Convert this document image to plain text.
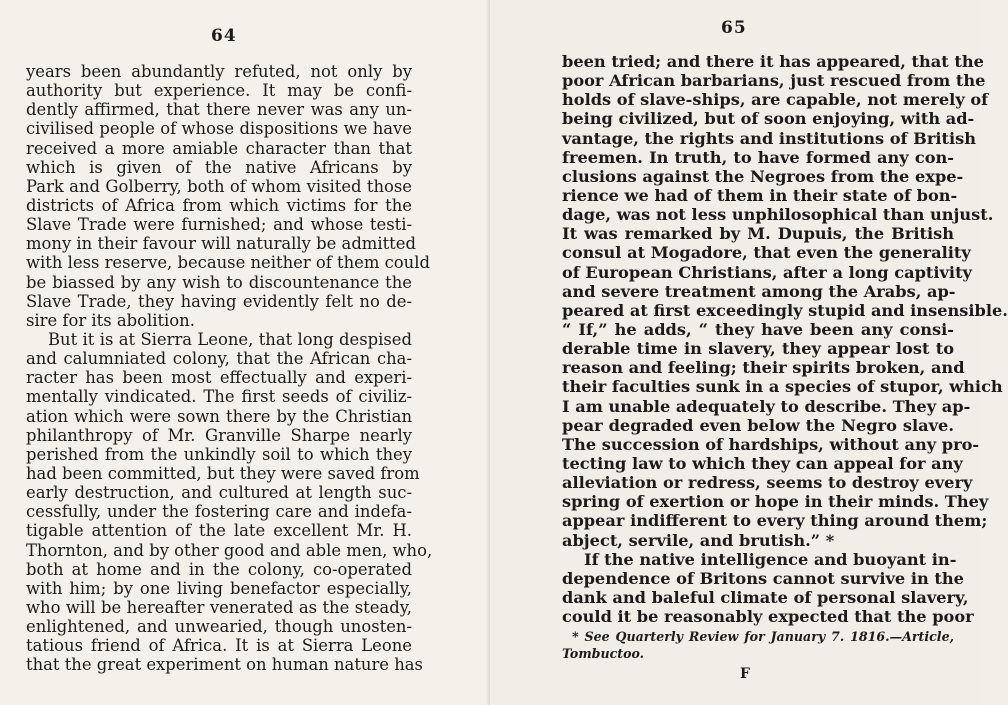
64
years been abundantly refuted, not only by
authority but experience. It may be confi-
dently affirmed, that there never was any un-
civilised people of whose dispositions we have
received a more amiable character than that
which is given of the native Africans by
Park and Golberry, both of whom visited those
districts of Africa from which victims for the
Slave Trade were furnished; and whose testi-
mony in their favour will naturally be admitted
with less reserve, because neither of them could
be biassed by any wish to discountenance the
Slave Trade, they having evidently felt no de-
sire for its abolition.
But it is at Sierra Leone, that long despised
and calumniated colony, that the African cha-
racter has been most effectually and experi-
mentally vindicated. The first seeds of civiliz-
ation which were sown there by the Christian
philanthropy of Mr. Granville Sharpe nearly
perished from the unkindly soil to which they
had been committed, but they were saved from
early destruction, and cultured at length suc-
cessfully, under the fostering care and indefa-
tigable attention of the late excellent Mr. H.
Thornton, and by other good and able men, who,
both at home and in the colony, co-operated
with him; by one living benefactor especially,
who will be hereafter venerated as the steady,
enlightened, and unwearied, though unosten-
tatious friend of Africa. It is at Sierra Leone
that the great experiment on human nature has
65
been tried; and there it has appeared, that the
poor African barbarians, just rescued from the
holds of slave-ships, are capable, not merely of
being civilized, but of soon enjoying, with ad-
vantage, the rights and institutions of British
freemen. In truth, to have formed any con-
clusions against the Negroes from the expe-
rience we had of them in their state of bon-
dage, was not less unphilosophical than unjust.
It was remarked by M. Dupuis, the British
consul at Mogadore, that even the generality
of European Christians, after a long captivity
and severe treatment among the Arabs, ap-
peared at first exceedingly stupid and insensible.
“ If,” he adds, “ they have been any consi-
derable time in slavery, they appear lost to
reason and feeling; their spirits broken, and
their faculties sunk in a species of stupor, which
I am unable adequately to describe. They ap-
pear degraded even below the Negro slave.
The succession of hardships, without any pro-
tecting law to which they can appeal for any
alleviation or redress, seems to destroy every
spring of exertion or hope in their minds. They
appear indifferent to every thing around them;
abject, servile, and brutish.” *
If the native intelligence and buoyant in-
dependence of Britons cannot survive in the
dank and baleful climate of personal slavery,
could it be reasonably expected that the poor
* See Quarterly Review for January 7. 1816.—Article,
Tombuctoo.
F
